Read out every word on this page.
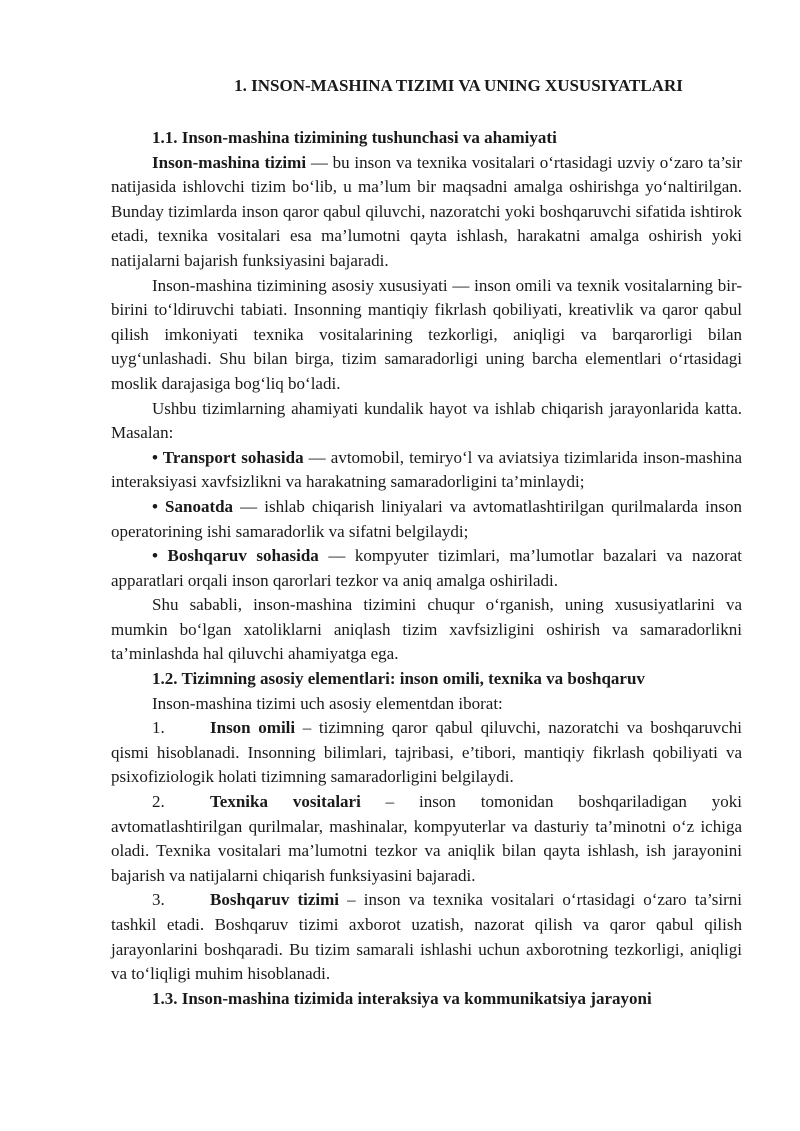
1. INSON-MASHINA TIZIMI VA UNING XUSUSIYATLARI

1.1. Inson-mashina tizimining tushunchasi va ahamiyati

Inson-mashina tizimi — bu inson va texnika vositalari o‘rtasidagi uzviy o‘zaro ta’sir natijasida ishlovchi tizim bo‘lib, u ma’lum bir maqsadni amalga oshirishga yo‘naltirilgan. Bunday tizimlarda inson qaror qabul qiluvchi, nazoratchi yoki boshqaruvchi sifatida ishtirok etadi, texnika vositalari esa ma’lumotni qayta ishlash, harakatni amalga oshirish yoki natijalarni bajarish funksiyasini bajaradi.

Inson-mashina tizimining asosiy xususiyati — inson omili va texnik vositalarning bir-birini to‘ldiruvchi tabiati. Insonning mantiqiy fikrlash qobiliyati, kreativlik va qaror qabul qilish imkoniyati texnika vositalarining tezkorligi, aniqligi va barqarorligi bilan uyg‘unlashadi. Shu bilan birga, tizim samaradorligi uning barcha elementlari o‘rtasidagi moslik darajasiga bog‘liq bo‘ladi.

Ushbu tizimlarning ahamiyati kundalik hayot va ishlab chiqarish jarayonlarida katta. Masalan:

• Transport sohasida — avtomobil, temiryo‘l va aviatsiya tizimlarida inson-mashina interaksiyasi xavfsizlikni va harakatning samaradorligini ta’minlaydi;

• Sanoatda — ishlab chiqarish liniyalari va avtomatlashtirilgan qurilmalarda inson operatorining ishi samaradorlik va sifatni belgilaydi;

• Boshqaruv sohasida — kompyuter tizimlari, ma’lumotlar bazalari va nazorat apparatlari orqali inson qarorlari tezkor va aniq amalga oshiriladi.

Shu sababli, inson-mashina tizimini chuqur o‘rganish, uning xususiyatlarini va mumkin bo‘lgan xatoliklarni aniqlash tizim xavfsizligini oshirish va samaradorlikni ta’minlashda hal qiluvchi ahamiyatga ega.

1.2. Tizimning asosiy elementlari: inson omili, texnika va boshqaruv

Inson-mashina tizimi uch asosiy elementdan iborat:

1.	Inson omili – tizimning qaror qabul qiluvchi, nazoratchi va boshqaruvchi qismi hisoblanadi. Insonning bilimlari, tajribasi, e’tibori, mantiqiy fikrlash qobiliyati va psixofiziologik holati tizimning samaradorligini belgilaydi.

2.	Texnika vositalari – inson tomonidan boshqariladigan yoki avtomatlashtirilgan qurilmalar, mashinalar, kompyuterlar va dasturiy ta’minotni o‘z ichiga oladi. Texnika vositalari ma’lumotni tezkor va aniqlik bilan qayta ishlash, ish jarayonini bajarish va natijalarni chiqarish funksiyasini bajaradi.

3.	Boshqaruv tizimi – inson va texnika vositalari o‘rtasidagi o‘zaro ta’sirni tashkil etadi. Boshqaruv tizimi axborot uzatish, nazorat qilish va qaror qabul qilish jarayonlarini boshqaradi. Bu tizim samarali ishlashi uchun axborotning tezkorligi, aniqligi va to‘liqligi muhim hisoblanadi.

1.3. Inson-mashina tizimida interaksiya va kommunikatsiya jarayoni
